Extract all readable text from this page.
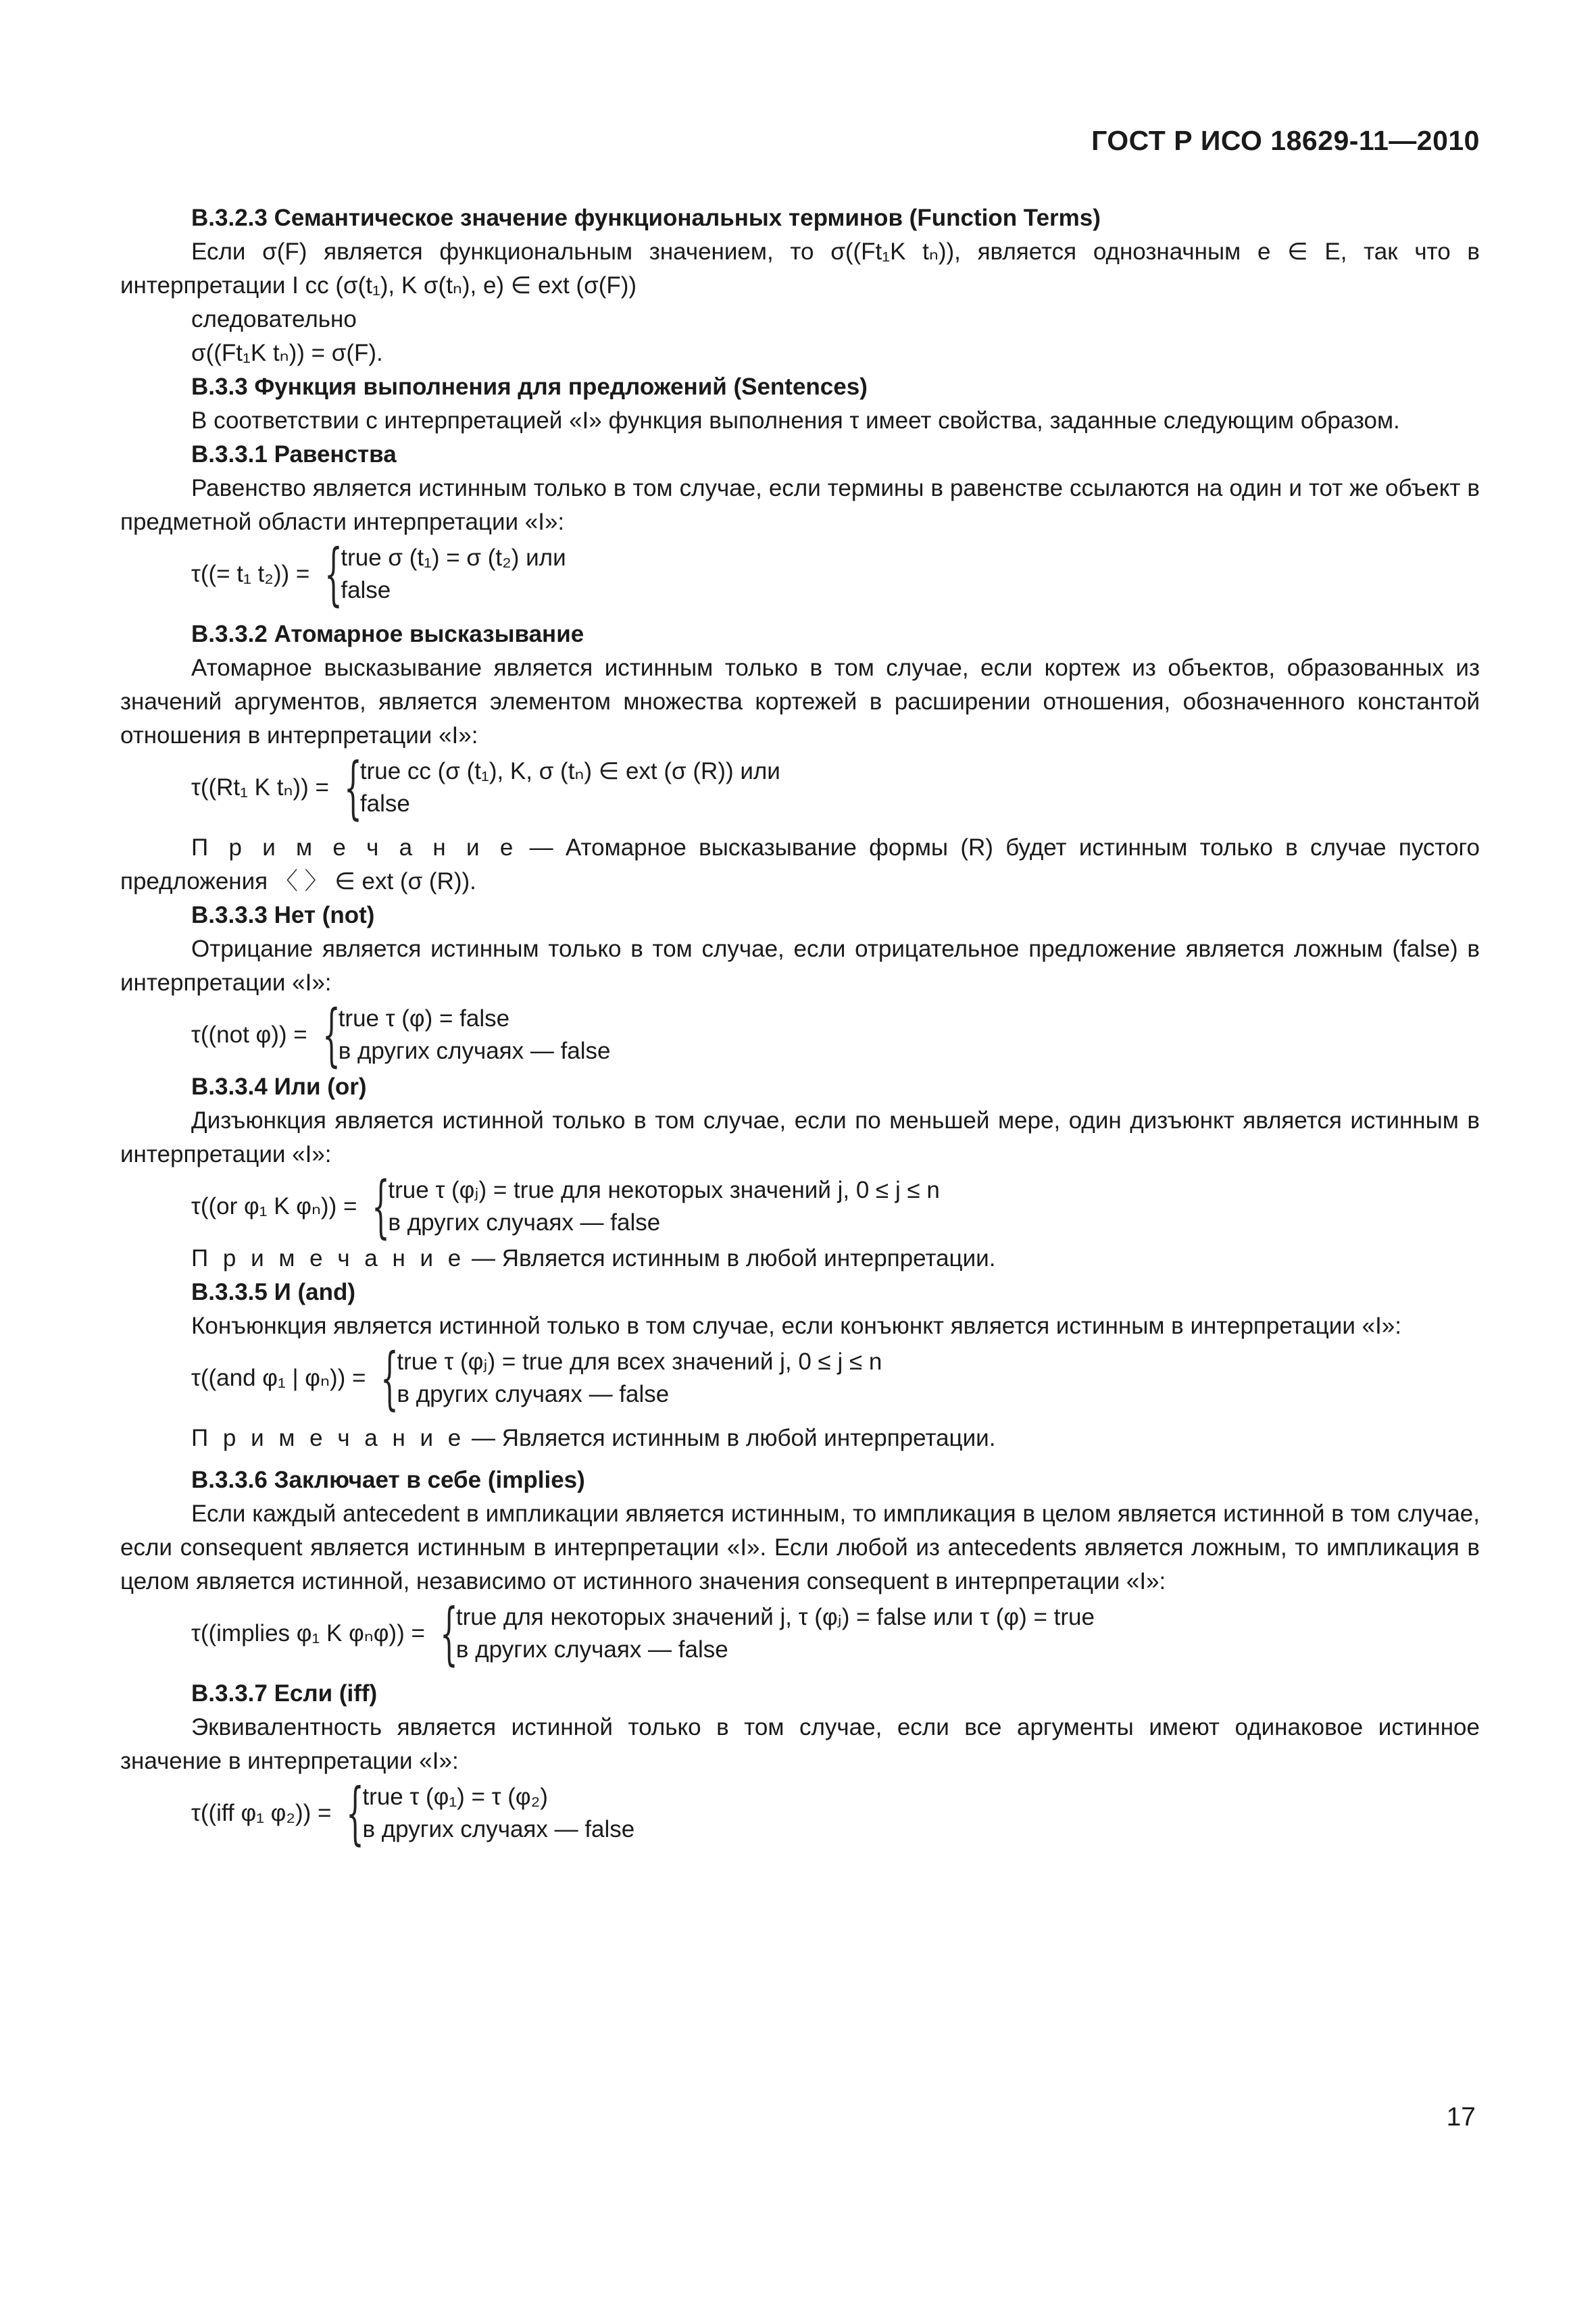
ГОСТ Р ИСО 18629-11—2010
В.3.2.3 Семантическое значение функциональных терминов (Function Terms)
Если σ(F) является функциональным значением, то σ((Ft₁K tₙ)), является однозначным е ∈ Е, так что в интерпретации I сс (σ(t₁), K σ(tₙ), е) ∈ ext (σ(F))
следовательно
σ((Ft₁K tₙ)) = σ(F).
В.3.3 Функция выполнения для предложений (Sentences)
В соответствии с интерпретацией «I» функция выполнения τ имеет свойства, заданные следующим образом.
В.3.3.1 Равенства
Равенство является истинным только в том случае, если термины в равенстве ссылаются на один и тот же объект в предметной области интерпретации «I»:
τ((= t₁ t₂)) = {
true σ (t₁) = σ (t₂) или
false
В.3.3.2 Атомарное высказывание
Атомарное высказывание является истинным только в том случае, если кортеж из объектов, образованных из значений аргументов, является элементом множества кортежей в расширении отношения, обозначенного константой отношения в интерпретации «I»:
τ((Rt₁ K tₙ)) = {
true сс (σ (t₁), K, σ (tₙ) ∈ ext (σ (R)) или
false
П р и м е ч а н и е — Атомарное высказывание формы (R) будет истинным только в случае пустого предложения 〈 〉 ∈ ext (σ (R)).
В.3.3.3 Нет (not)
Отрицание является истинным только в том случае, если отрицательное предложение является ложным (false) в интерпретации «I»:
τ((not φ)) = {
true τ (φ) = false
в других случаях — false
В.3.3.4 Или (or)
Дизъюнкция является истинной только в том случае, если по меньшей мере, один дизъюнкт является истинным в интерпретации «I»:
τ((or φ₁ K φₙ)) = {
true τ (φⱼ) = true для некоторых значений j, 0 ≤ j ≤ n
в других случаях — false
П р и м е ч а н и е — Является истинным в любой интерпретации.
В.3.3.5 И (and)
Конъюнкция является истинной только в том случае, если конъюнкт является истинным в интерпретации «I»:
τ((and φ₁ | φₙ)) = {
true τ (φⱼ) = true для всех значений j, 0 ≤ j ≤ n
в других случаях — false
П р и м е ч а н и е — Является истинным в любой интерпретации.
В.3.3.6 Заключает в себе (implies)
Если каждый antecedent в импликации является истинным, то импликация в целом является истинной в том случае, если consequent является истинным в интерпретации «I». Если любой из antecedents является ложным, то импликация в целом является истинной, независимо от истинного значения consequent в интерпретации «I»:
τ((implies φ₁ K φₙφ)) = {
true для некоторых значений j, τ (φⱼ) = false или τ (φ) = true
в других случаях — false
В.3.3.7 Если (iff)
Эквивалентность является истинной только в том случае, если все аргументы имеют одинаковое истинное значение в интерпретации «I»:
τ((iff φ₁ φ₂)) = {
true τ (φ₁) = τ (φ₂)
в других случаях — false
17
